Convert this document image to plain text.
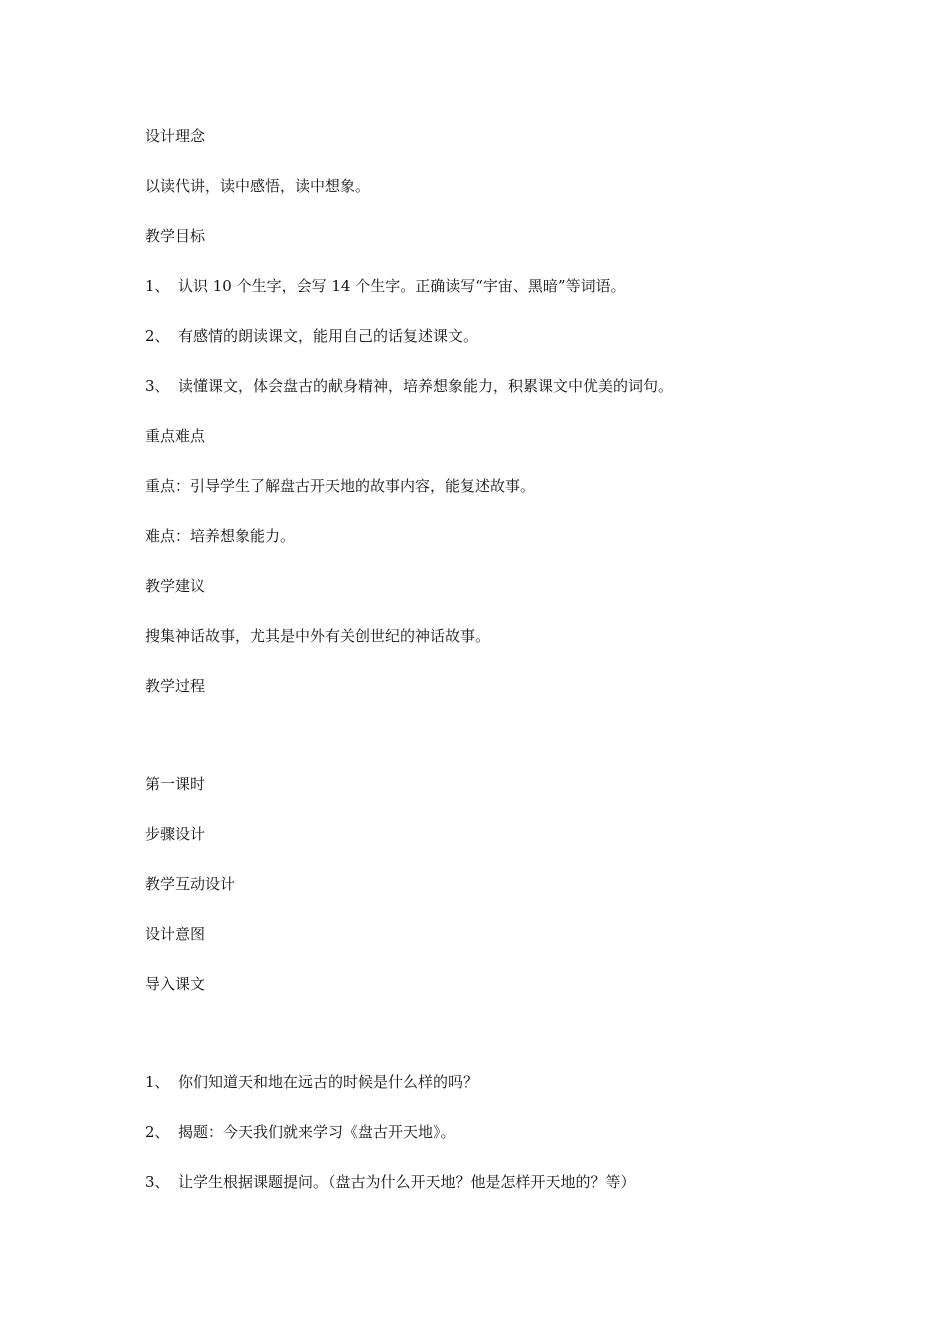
设计理念
以读代讲，读中感悟，读中想象。
教学目标
1、 认识 10 个生字，会写 14 个生字。正确读写“宇宙、黑暗”等词语。
2、 有感情的朗读课文，能用自己的话复述课文。
3、 读懂课文，体会盘古的献身精神，培养想象能力，积累课文中优美的词句。
重点难点
重点：引导学生了解盘古开天地的故事内容，能复述故事。
难点：培养想象能力。
教学建议
搜集神话故事，尤其是中外有关创世纪的神话故事。
教学过程
第一课时
步骤设计
教学互动设计
设计意图
导入课文
1、 你们知道天和地在远古的时候是什么样的吗？
2、 揭题：今天我们就来学习《盘古开天地》。
3、 让学生根据课题提问。（盘古为什么开天地？他是怎样开天地的？等）
